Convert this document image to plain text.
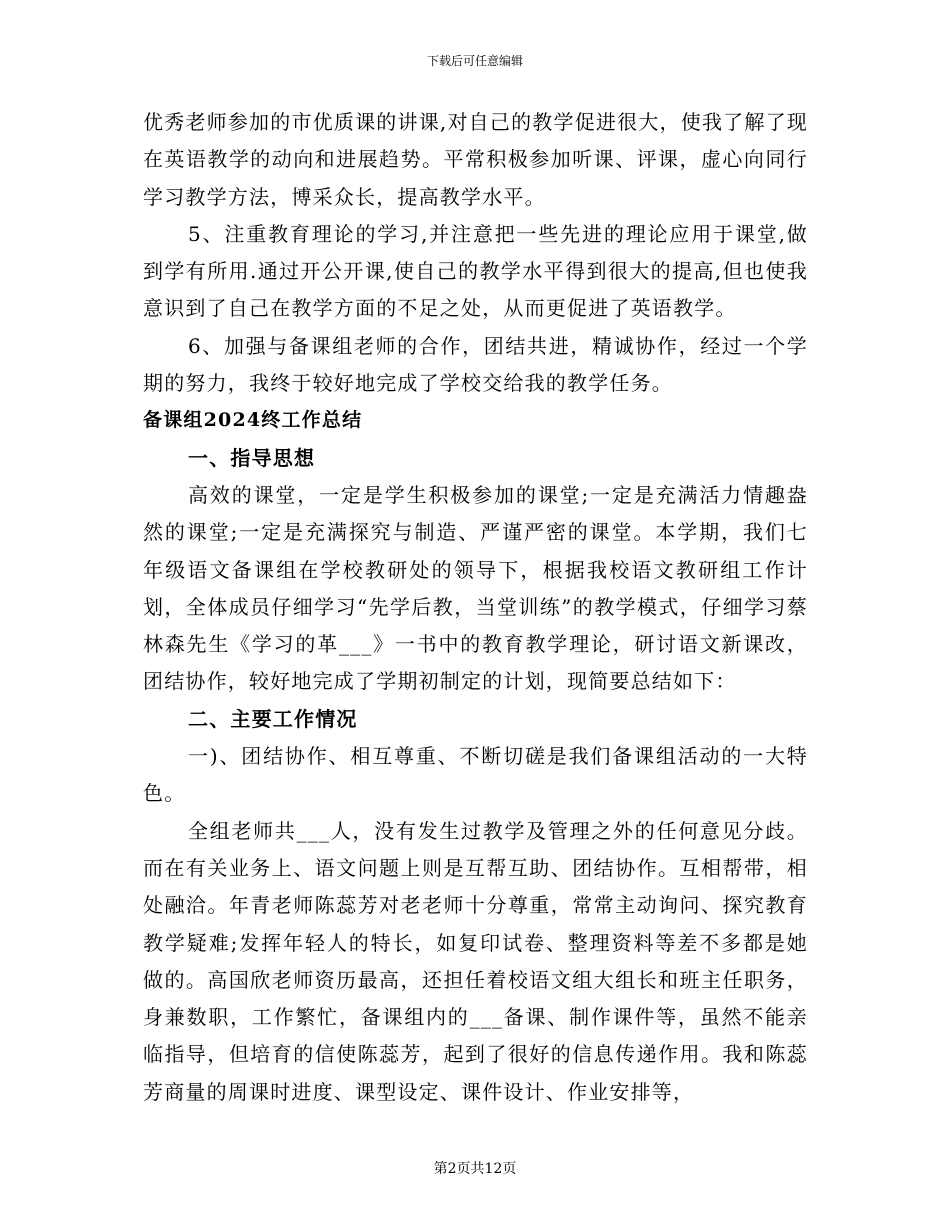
下载后可任意编辑

优秀老师参加的市优质课的讲课,对自己的教学促进很大，使我了解了现在英语教学的动向和进展趋势。平常积极参加听课、评课，虚心向同行学习教学方法，博采众长，提高教学水平。

5、注重教育理论的学习,并注意把一些先进的理论应用于课堂,做到学有所用.通过开公开课,使自己的教学水平得到很大的提高,但也使我意识到了自己在教学方面的不足之处，从而更促进了英语教学。

6、加强与备课组老师的合作，团结共进，精诚协作，经过一个学期的努力，我终于较好地完成了学校交给我的教学任务。

备课组2024终工作总结

一、指导思想

高效的课堂，一定是学生积极参加的课堂;一定是充满活力情趣盎然的课堂;一定是充满探究与制造、严谨严密的课堂。本学期，我们七年级语文备课组在学校教研处的领导下，根据我校语文教研组工作计划，全体成员仔细学习“先学后教，当堂训练”的教学模式，仔细学习蔡林森先生《学习的革___》一书中的教育教学理论，研讨语文新课改，团结协作，较好地完成了学期初制定的计划，现简要总结如下：

二、主要工作情况

一)、团结协作、相互尊重、不断切磋是我们备课组活动的一大特色。

全组老师共___人，没有发生过教学及管理之外的任何意见分歧。而在有关业务上、语文问题上则是互帮互助、团结协作。互相帮带，相处融洽。年青老师陈蕊芳对老老师十分尊重，常常主动询问、探究教育教学疑难;发挥年轻人的特长，如复印试卷、整理资料等差不多都是她做的。高国欣老师资历最高，还担任着校语文组大组长和班主任职务，身兼数职，工作繁忙，备课组内的___备课、制作课件等，虽然不能亲临指导，但培育的信使陈蕊芳，起到了很好的信息传递作用。我和陈蕊芳商量的周课时进度、课型设定、课件设计、作业安排等，

第2页共12页
